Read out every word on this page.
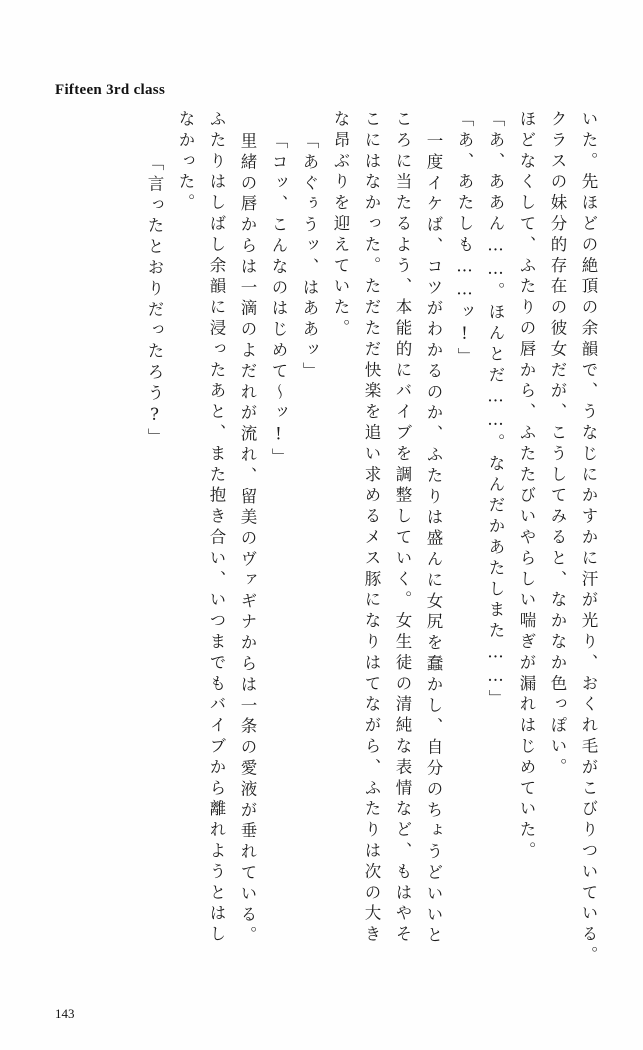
Fifteen 3rd class
いた。先ほどの絶頂の余韻で、うなじにかすかに汗が光り、おくれ毛がこびりついている。
クラスの妹分的存在の彼女だが、こうしてみると、なかなか色っぽい。
ほどなくして、ふたりの唇から、ふたたびいやらしい喘ぎが漏れはじめていた。
「あ、ああん……。ほんとだ……。なんだかあたしまた……」
「あ、あたしも……ッ!」
一度イケば、コツがわかるのか、ふたりは盛んに女尻を蠢かし、自分のちょうどいいと
ころに当たるよう、本能的にバイブを調整していく。女生徒の清純な表情など、もはやそ
こにはなかった。ただただ快楽を追い求めるメス豚になりはてながら、ふたりは次の大き
な昂ぶりを迎えていた。
「あぐぅうッ、はああッ」
「コッ、こんなのはじめて〜ッ!」
里緒の唇からは一滴のよだれが流れ、留美のヴァギナからは一条の愛液が垂れている。
ふたりはしばし余韻に浸ったあと、また抱き合い、いつまでもバイブから離れようとはし
なかった。
「言ったとおりだったろう?」
143
